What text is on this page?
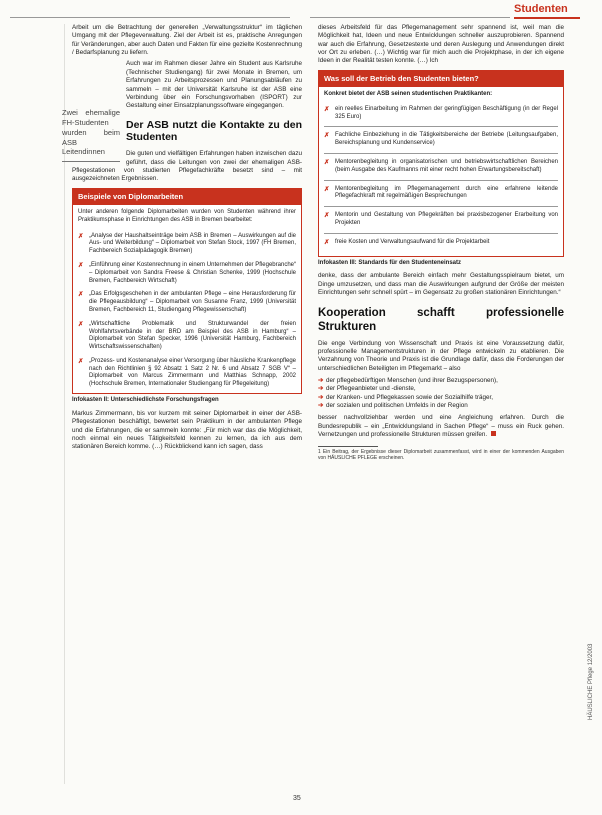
Studenten

Arbeit um die Betrachtung der generellen „Verwaltungsstruktur“ im täglichen Umgang mit der Pflegeverwaltung. Ziel der Arbeit ist es, praktische Anregungen für Veränderungen, aber auch Daten und Fakten für eine gezielte Kostenrechnung / Bedarfsplanung zu liefern.

Zwei ehemalige FH-Studenten wurden beim ASB Leitendinnen

Auch war im Rahmen dieser Jahre ein Student aus Karlsruhe (Technischer Studiengang) für zwei Monate in Bremen, um Erfahrungen zu Arbeitsprozessen und Planungsabläufen zu sammeln – mit der Universität Karlsruhe ist der ASB eine Verbindung über ein Forschungsvorhaben (ISPORT) zur Gestaltung einer Einsatzplanungssoftware eingegangen.

Der ASB nutzt die Kontakte zu den Studenten

Die guten und vielfältigen Erfahrungen haben inzwischen dazu geführt, dass die Leitungen von zwei der ehemaligen ASB-Pflegestationen von studierten Pflegefachkräfte besetzt sind – mit ausgezeichneten Ergebnissen.

Beispiele von Diplomarbeiten
Unter anderen folgende Diplomarbeiten wurden von Studenten während ihrer Praktikumsphase in Einrichtungen des ASB in Bremen bearbeitet:
✗ „Analyse der Haushaltseinträge beim ASB in Bremen – Auswirkungen auf die Aus- und Weiterbildung“ – Diplomarbeit von Stefan Stock, 1997 (FH Bremen, Fachbereich Sozialpädagogik Bremen)
✗ „Einführung einer Kostenrechnung in einem Unternehmen der Pflegebranche“ – Diplomarbeit von Sandra Freese & Christian Schenke, 1999 (Hochschule Bremen, Fachbereich Wirtschaft)
✗ „Das Erfolgsgeschehen in der ambulanten Pflege – eine Herausforderung für die Pflegeausbildung“ – Diplomarbeit von Susanne Franz, 1999 (Universität Bremen, Fachbereich 11, Studiengang Pflegewissenschaft)
✗ „Wirtschaftliche Problematik und Strukturwandel der freien Wohlfahrtsverbände in der BRD am Beispiel des ASB in Hamburg“ – Diplomarbeit von Stefan Specker, 1996 (Universität Hamburg, Fachbereich Wirtschaftswissenschaften)
✗ „Prozess- und Kostenanalyse einer Versorgung über häusliche Krankenpflege nach den Richtlinien § 92 Absatz 1 Satz 2 Nr. 6 und Absatz 7 SGB V“ – Diplomarbeit von Marcus Zimmermann und Matthias Schnapp, 2002 (Hochschule Bremen, Internationaler Studiengang für Pflegeleitung)
Infokasten II: Unterschiedlichste Forschungsfragen

Markus Zimmermann, bis vor kurzem mit seiner Diplomarbeit in einer der ASB-Pflegestationen beschäftigt, bewertet sein Praktikum in der ambulanten Pflege und die Erfahrungen, die er sammeln konnte: „Für mich war das die Möglichkeit, noch einmal ein neues Tätigkeitsfeld kennen zu lernen, da ich aus dem stationären Bereich komme. (…) Rückblickend kann ich sagen, dass

dieses Arbeitsfeld für das Pflegemanagement sehr spannend ist, weil man die Möglichkeit hat, Ideen und neue Entwicklungen schneller auszuprobieren. Spannend war auch die Erfahrung, Gesetzestexte und deren Auslegung und Anwendungen direkt vor Ort zu erleben. (…) Wichtig war für mich auch die Projektphase, in der ich eigene Ideen in der Realität testen konnte. (…) Ich

Was soll der Betrieb den Studenten bieten?
Konkret bietet der ASB seinen studentischen Praktikanten:
✗ ein reelles Einarbeitung im Rahmen der geringfügigen Beschäftigung (in der Regel 325 Euro)
✗ Fachliche Einbeziehung in die Tätigkeitsbereiche der Betriebe (Leitungsaufgaben, Bereichsplanung und Kundenservice)
✗ Mentorenbegleitung in organisatorischen und betriebswirtschaftlichen Bereichen (beim Ausgabe des Kaufmanns mit einer recht hohen Erwartungsbereitschaft)
✗ Mentorenbegleitung im Pflegemanagement durch eine erfahrene leitende Pflegefachkraft mit regelmäßigen Besprechungen
✗ Mentorin und Gestaltung von Pflegekräften bei praxisbezogener Erarbeitung von Projekten
✗ freie Kosten und Verwaltungsaufwand für die Projektarbeit
Infokasten III: Standards für den Studenteneinsatz

denke, dass der ambulante Bereich einfach mehr Gestaltungsspielraum bietet, um Dinge umzusetzen, und dass man die Auswirkungen aufgrund der Größe der meisten Einrichtungen sehr schnell spürt – im Gegensatz zu großen stationären Einrichtungen.“

Kooperation schafft professionelle Strukturen

Die enge Verbindung von Wissenschaft und Praxis ist eine Voraussetzung dafür, professionelle Managementstrukturen in der Pflege entwickeln zu etablieren. Die Verzahnung von Theorie und Praxis ist die Grundlage dafür, dass die Forderungen der unterschiedlichen Beteiligten im Pflegemarkt – also

➔ der pflegebedürftigen Menschen (und ihrer Bezugspersonen),
➔ der Pflegeanbieter und -dienste,
➔ der Kranken- und Pflegekassen sowie der Sozialhilfe träger,
➔ der sozialen und politischen Umfelds in der Region

besser nachvollziehbar werden und eine Angleichung erfahren. Durch die Bundesrepublik – ein „Entwicklungsland in Sachen Pflege“ – muss ein Ruck gehen. Vernetzungen und professionelle Strukturen müssen greifen.

1 Ein Beitrag, der Ergebnisse dieser Diplomarbeit zusammenfasst, wird in einer der kommenden Ausgaben von HÄUSLICHE PFLEGE erscheinen.
35
HÄUSLICHE Pflege 12/2003
